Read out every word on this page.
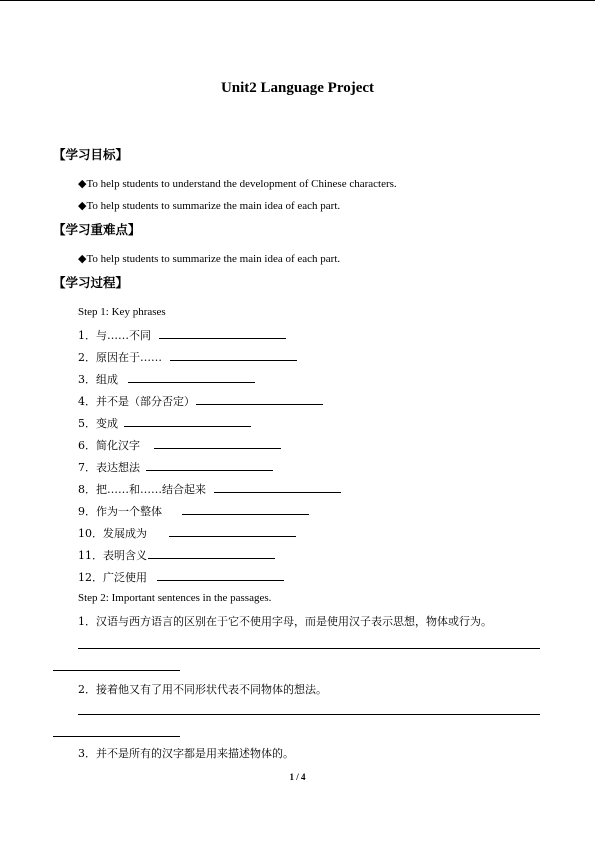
Unit2 Language Project
【学习目标】
◆To help students to understand the development of Chinese characters.
◆To help students to summarize the main idea of each part.
【学习重难点】
◆To help students to summarize the main idea of each part.
【学习过程】
Step 1: Key phrases
1．与……不同
2．原因在于……
3．组成
4．并不是（部分否定）
5．变成
6．简化汉字
7．表达想法
8．把……和……结合起来
9．作为一个整体
10．发展成为
11．表明含义
12．广泛使用
Step 2: Important sentences in the passages.
1．汉语与西方语言的区别在于它不使用字母，而是使用汉子表示思想，物体或行为。
2．接着他又有了用不同形状代表不同物体的想法。
3．并不是所有的汉字都是用来描述物体的。
1 / 4
